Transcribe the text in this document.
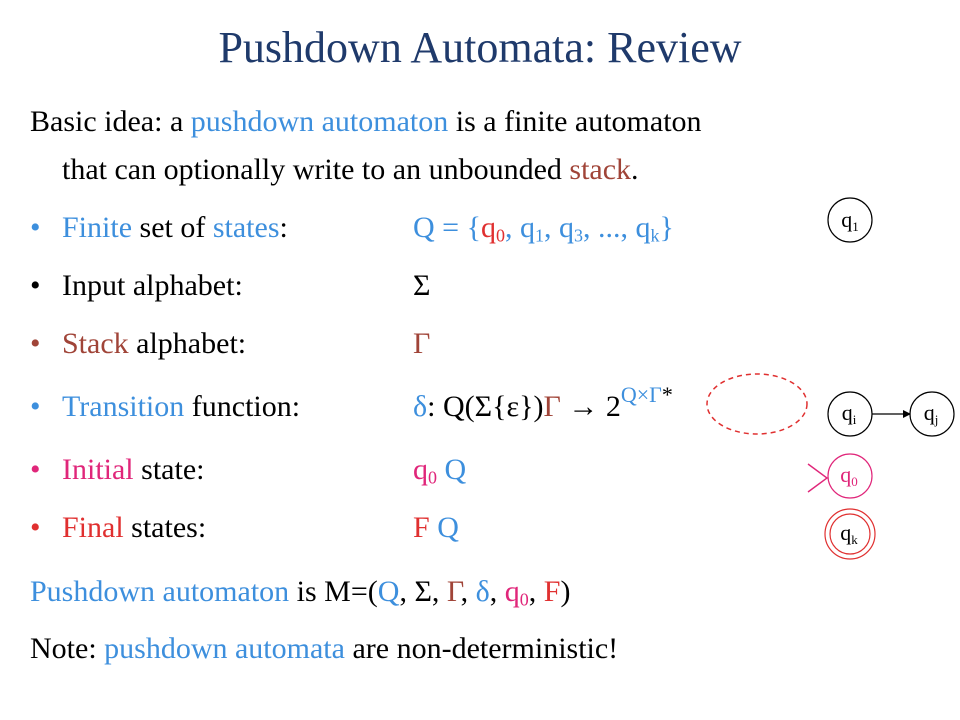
Pushdown Automata: Review
Basic idea: a pushdown automaton is a finite automaton
that can optionally write to an unbounded stack.
• Finite set of states:	$Q = \{q_0$, $q_1$, $q_3$, ..., $q_k$}
• Input alphabet:	Σ
• Stack alphabet:	Γ
• Transition function:	δ: $Q(\Sigma\{\varepsilon\})\Gamma \to 2^{Q\times\Gamma*}$
• Initial state:	$q_0$ Q
• Final states:	F Q
Pushdown automaton is M=(Q, Σ, Γ, δ, $q_0$, F)
Note: pushdown automata are non-deterministic!
q1
qi	qj
q0
qk
